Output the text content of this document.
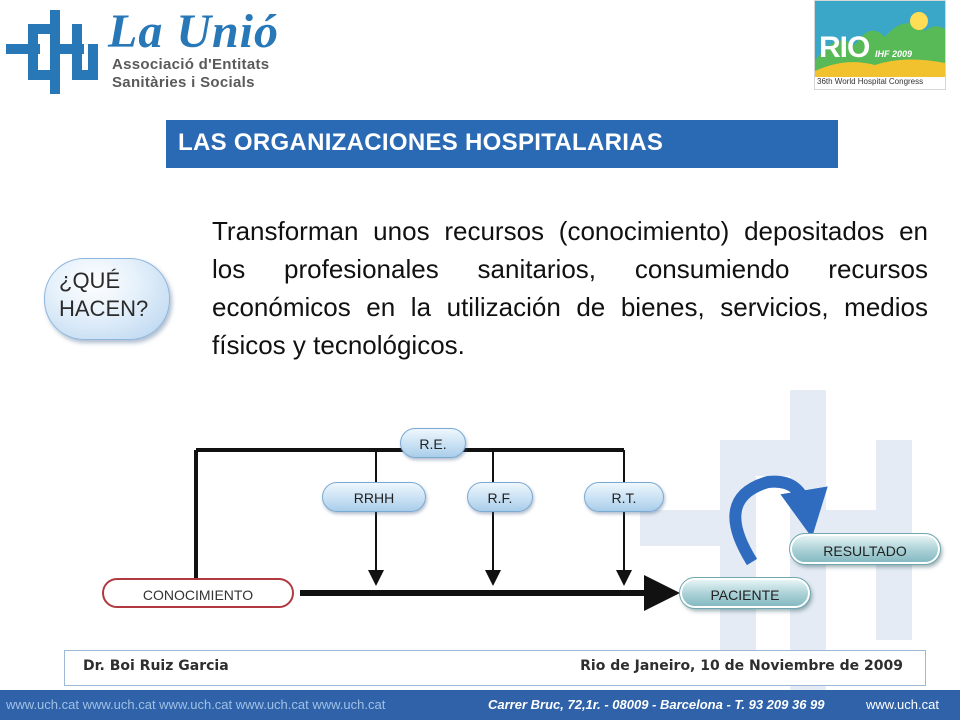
La Unió
Associació d'Entitats
Sanitàries i Socials
RIO IHF 2009
36th World Hospital Congress
LAS ORGANIZACIONES HOSPITALARIAS
¿QUÉ
HACEN?
Transforman unos recursos (conocimiento) depositados en los profesionales sanitarios, consumiendo recursos económicos en la utilización de bienes, servicios, medios físicos y tecnológicos.
R.E.
RRHH	R.F.	R.T.
CONOCIMIENTO	PACIENTE
RESULTADO
Dr. Boi Ruiz Garcia	Rio de Janeiro, 10 de Noviembre de 2009
www.uch.cat www.uch.cat www.uch.cat www.uch.cat www.uch.cat	Carrer Bruc, 72,1r. - 08009 - Barcelona - T. 93 209 36 99	www.uch.cat
